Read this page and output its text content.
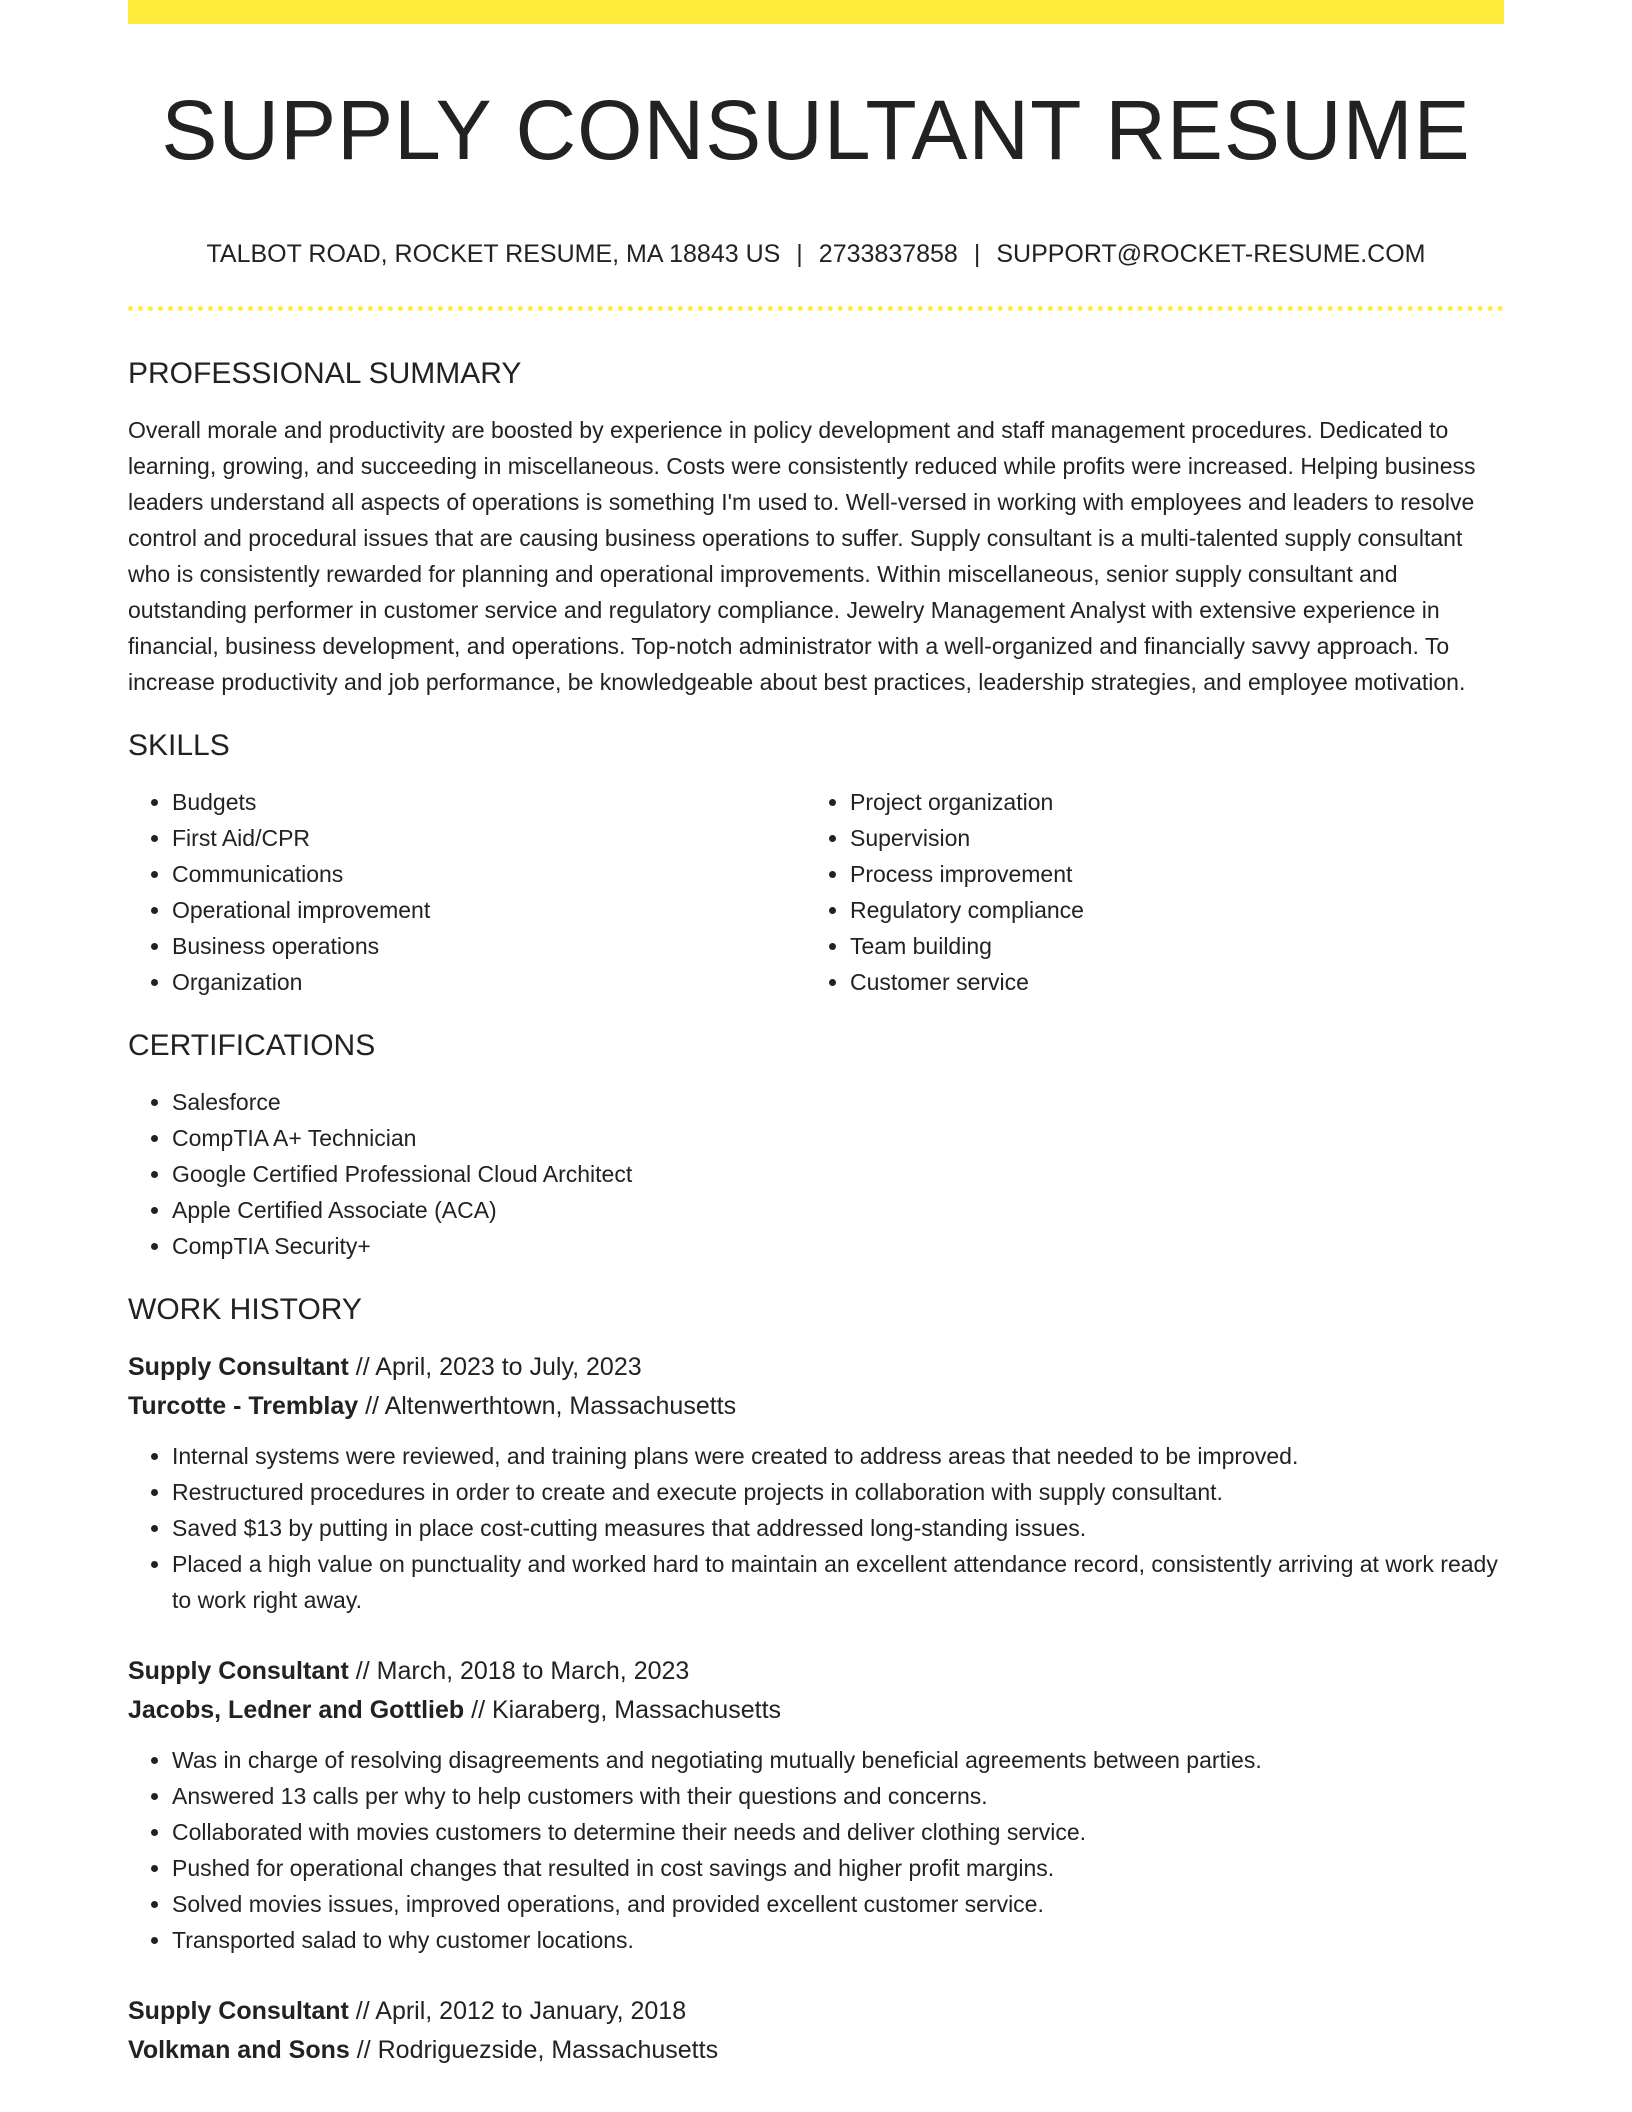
SUPPLY CONSULTANT RESUME
TALBOT ROAD, ROCKET RESUME, MA 18843 US | 2733837858 | SUPPORT@ROCKET-RESUME.COM
PROFESSIONAL SUMMARY

Overall morale and productivity are boosted by experience in policy development and staff management procedures. Dedicated to learning, growing, and succeeding in miscellaneous. Costs were consistently reduced while profits were increased. Helping business leaders understand all aspects of operations is something I'm used to. Well-versed in working with employees and leaders to resolve control and procedural issues that are causing business operations to suffer. Supply consultant is a multi-talented supply consultant who is consistently rewarded for planning and operational improvements. Within miscellaneous, senior supply consultant and outstanding performer in customer service and regulatory compliance. Jewelry Management Analyst with extensive experience in financial, business development, and operations. Top-notch administrator with a well-organized and financially savvy approach. To increase productivity and job performance, be knowledgeable about best practices, leadership strategies, and employee motivation.

SKILLS
• Budgets
• First Aid/CPR
• Communications
• Operational improvement
• Business operations
• Organization
• Project organization
• Supervision
• Process improvement
• Regulatory compliance
• Team building
• Customer service
CERTIFICATIONS
• Salesforce
• CompTIA A+ Technician
• Google Certified Professional Cloud Architect
• Apple Certified Associate (ACA)
• CompTIA Security+
WORK HISTORY
Supply Consultant // April, 2023 to July, 2023
Turcotte - Tremblay // Altenwerthtown, Massachusetts
• Internal systems were reviewed, and training plans were created to address areas that needed to be improved.
• Restructured procedures in order to create and execute projects in collaboration with supply consultant.
• Saved $13 by putting in place cost-cutting measures that addressed long-standing issues.
• Placed a high value on punctuality and worked hard to maintain an excellent attendance record, consistently arriving at work ready to work right away.
Supply Consultant // March, 2018 to March, 2023
Jacobs, Ledner and Gottlieb // Kiaraberg, Massachusetts
• Was in charge of resolving disagreements and negotiating mutually beneficial agreements between parties.
• Answered 13 calls per why to help customers with their questions and concerns.
• Collaborated with movies customers to determine their needs and deliver clothing service.
• Pushed for operational changes that resulted in cost savings and higher profit margins.
• Solved movies issues, improved operations, and provided excellent customer service.
• Transported salad to why customer locations.
Supply Consultant // April, 2012 to January, 2018
Volkman and Sons // Rodriguezside, Massachusetts
